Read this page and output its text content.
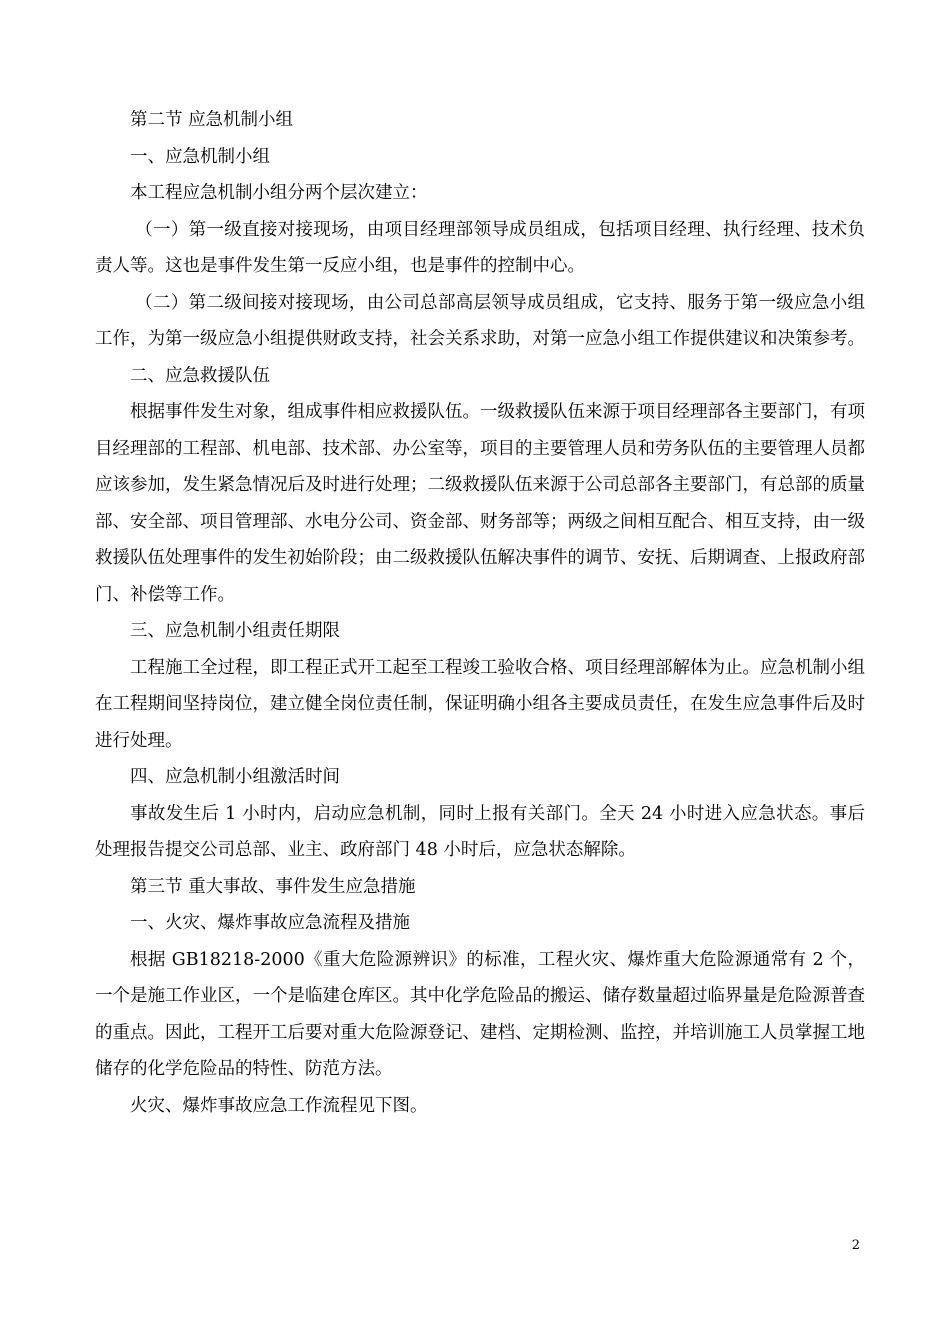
第二节 应急机制小组

一、应急机制小组

本工程应急机制小组分两个层次建立：

（一）第一级直接对接现场，由项目经理部领导成员组成，包括项目经理、执行经理、技术负责人等。这也是事件发生第一反应小组，也是事件的控制中心。

（二）第二级间接对接现场，由公司总部高层领导成员组成，它支持、服务于第一级应急小组工作，为第一级应急小组提供财政支持，社会关系求助，对第一应急小组工作提供建议和决策参考。

二、应急救援队伍

根据事件发生对象，组成事件相应救援队伍。一级救援队伍来源于项目经理部各主要部门，有项目经理部的工程部、机电部、技术部、办公室等，项目的主要管理人员和劳务队伍的主要管理人员都应该参加，发生紧急情况后及时进行处理；二级救援队伍来源于公司总部各主要部门，有总部的质量部、安全部、项目管理部、水电分公司、资金部、财务部等；两级之间相互配合、相互支持，由一级救援队伍处理事件的发生初始阶段；由二级救援队伍解决事件的调节、安抚、后期调查、上报政府部门、补偿等工作。

三、应急机制小组责任期限

工程施工全过程，即工程正式开工起至工程竣工验收合格、项目经理部解体为止。应急机制小组在工程期间坚持岗位，建立健全岗位责任制，保证明确小组各主要成员责任，在发生应急事件后及时进行处理。

四、应急机制小组激活时间

事故发生后 1 小时内，启动应急机制，同时上报有关部门。全天 24 小时进入应急状态。事后处理报告提交公司总部、业主、政府部门 48 小时后，应急状态解除。

第三节 重大事故、事件发生应急措施

一、火灾、爆炸事故应急流程及措施

根据 GB18218-2000《重大危险源辨识》的标准，工程火灾、爆炸重大危险源通常有 2 个，一个是施工作业区，一个是临建仓库区。其中化学危险品的搬运、储存数量超过临界量是危险源普查的重点。因此，工程开工后要对重大危险源登记、建档、定期检测、监控，并培训施工人员掌握工地储存的化学危险品的特性、防范方法。

火灾、爆炸事故应急工作流程见下图。

2
